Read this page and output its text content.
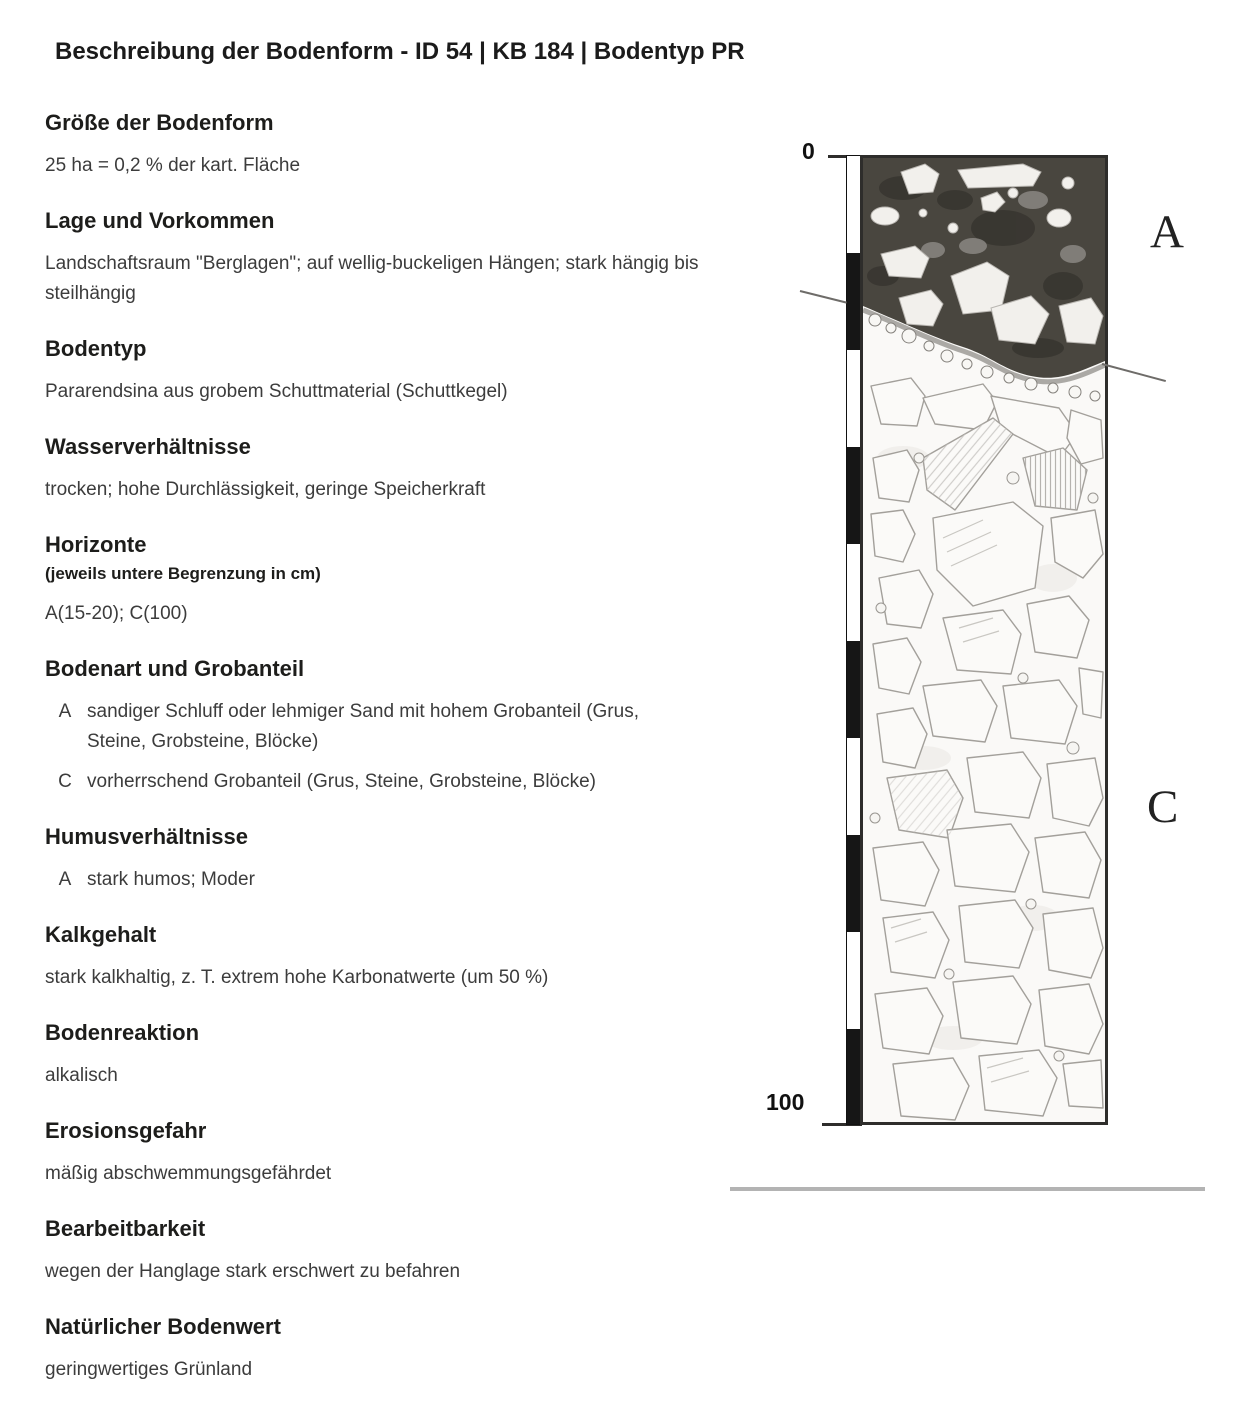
Beschreibung der Bodenform - ID 54 | KB 184 | Bodentyp PR
Größe der Bodenform

25 ha = 0,2 % der kart. Fläche

Lage und Vorkommen

Landschaftsraum "Berglagen"; auf wellig-buckeligen Hängen; stark hängig bis steilhängig

Bodentyp

Pararendsina aus grobem Schuttmaterial (Schuttkegel)

Wasserverhältnisse

trocken; hohe Durchlässigkeit, geringe Speicherkraft

Horizonte

(jeweils untere Begrenzung in cm)

A(15-20); C(100)

Bodenart und Grobanteil
A sandiger Schluff oder lehmiger Sand mit hohem Grobanteil (Grus, Steine, Grobsteine, Blöcke)
C vorherrschend Grobanteil (Grus, Steine, Grobsteine, Blöcke)
Humusverhältnisse
A stark humos; Moder
Kalkgehalt

stark kalkhaltig, z. T. extrem hohe Karbonatwerte (um 50 %)

Bodenreaktion

alkalisch

Erosionsgefahr

mäßig abschwemmungsgefährdet

Bearbeitbarkeit

wegen der Hanglage stark erschwert zu befahren

Natürlicher Bodenwert

geringwertiges Grünland

0
100
A
C
